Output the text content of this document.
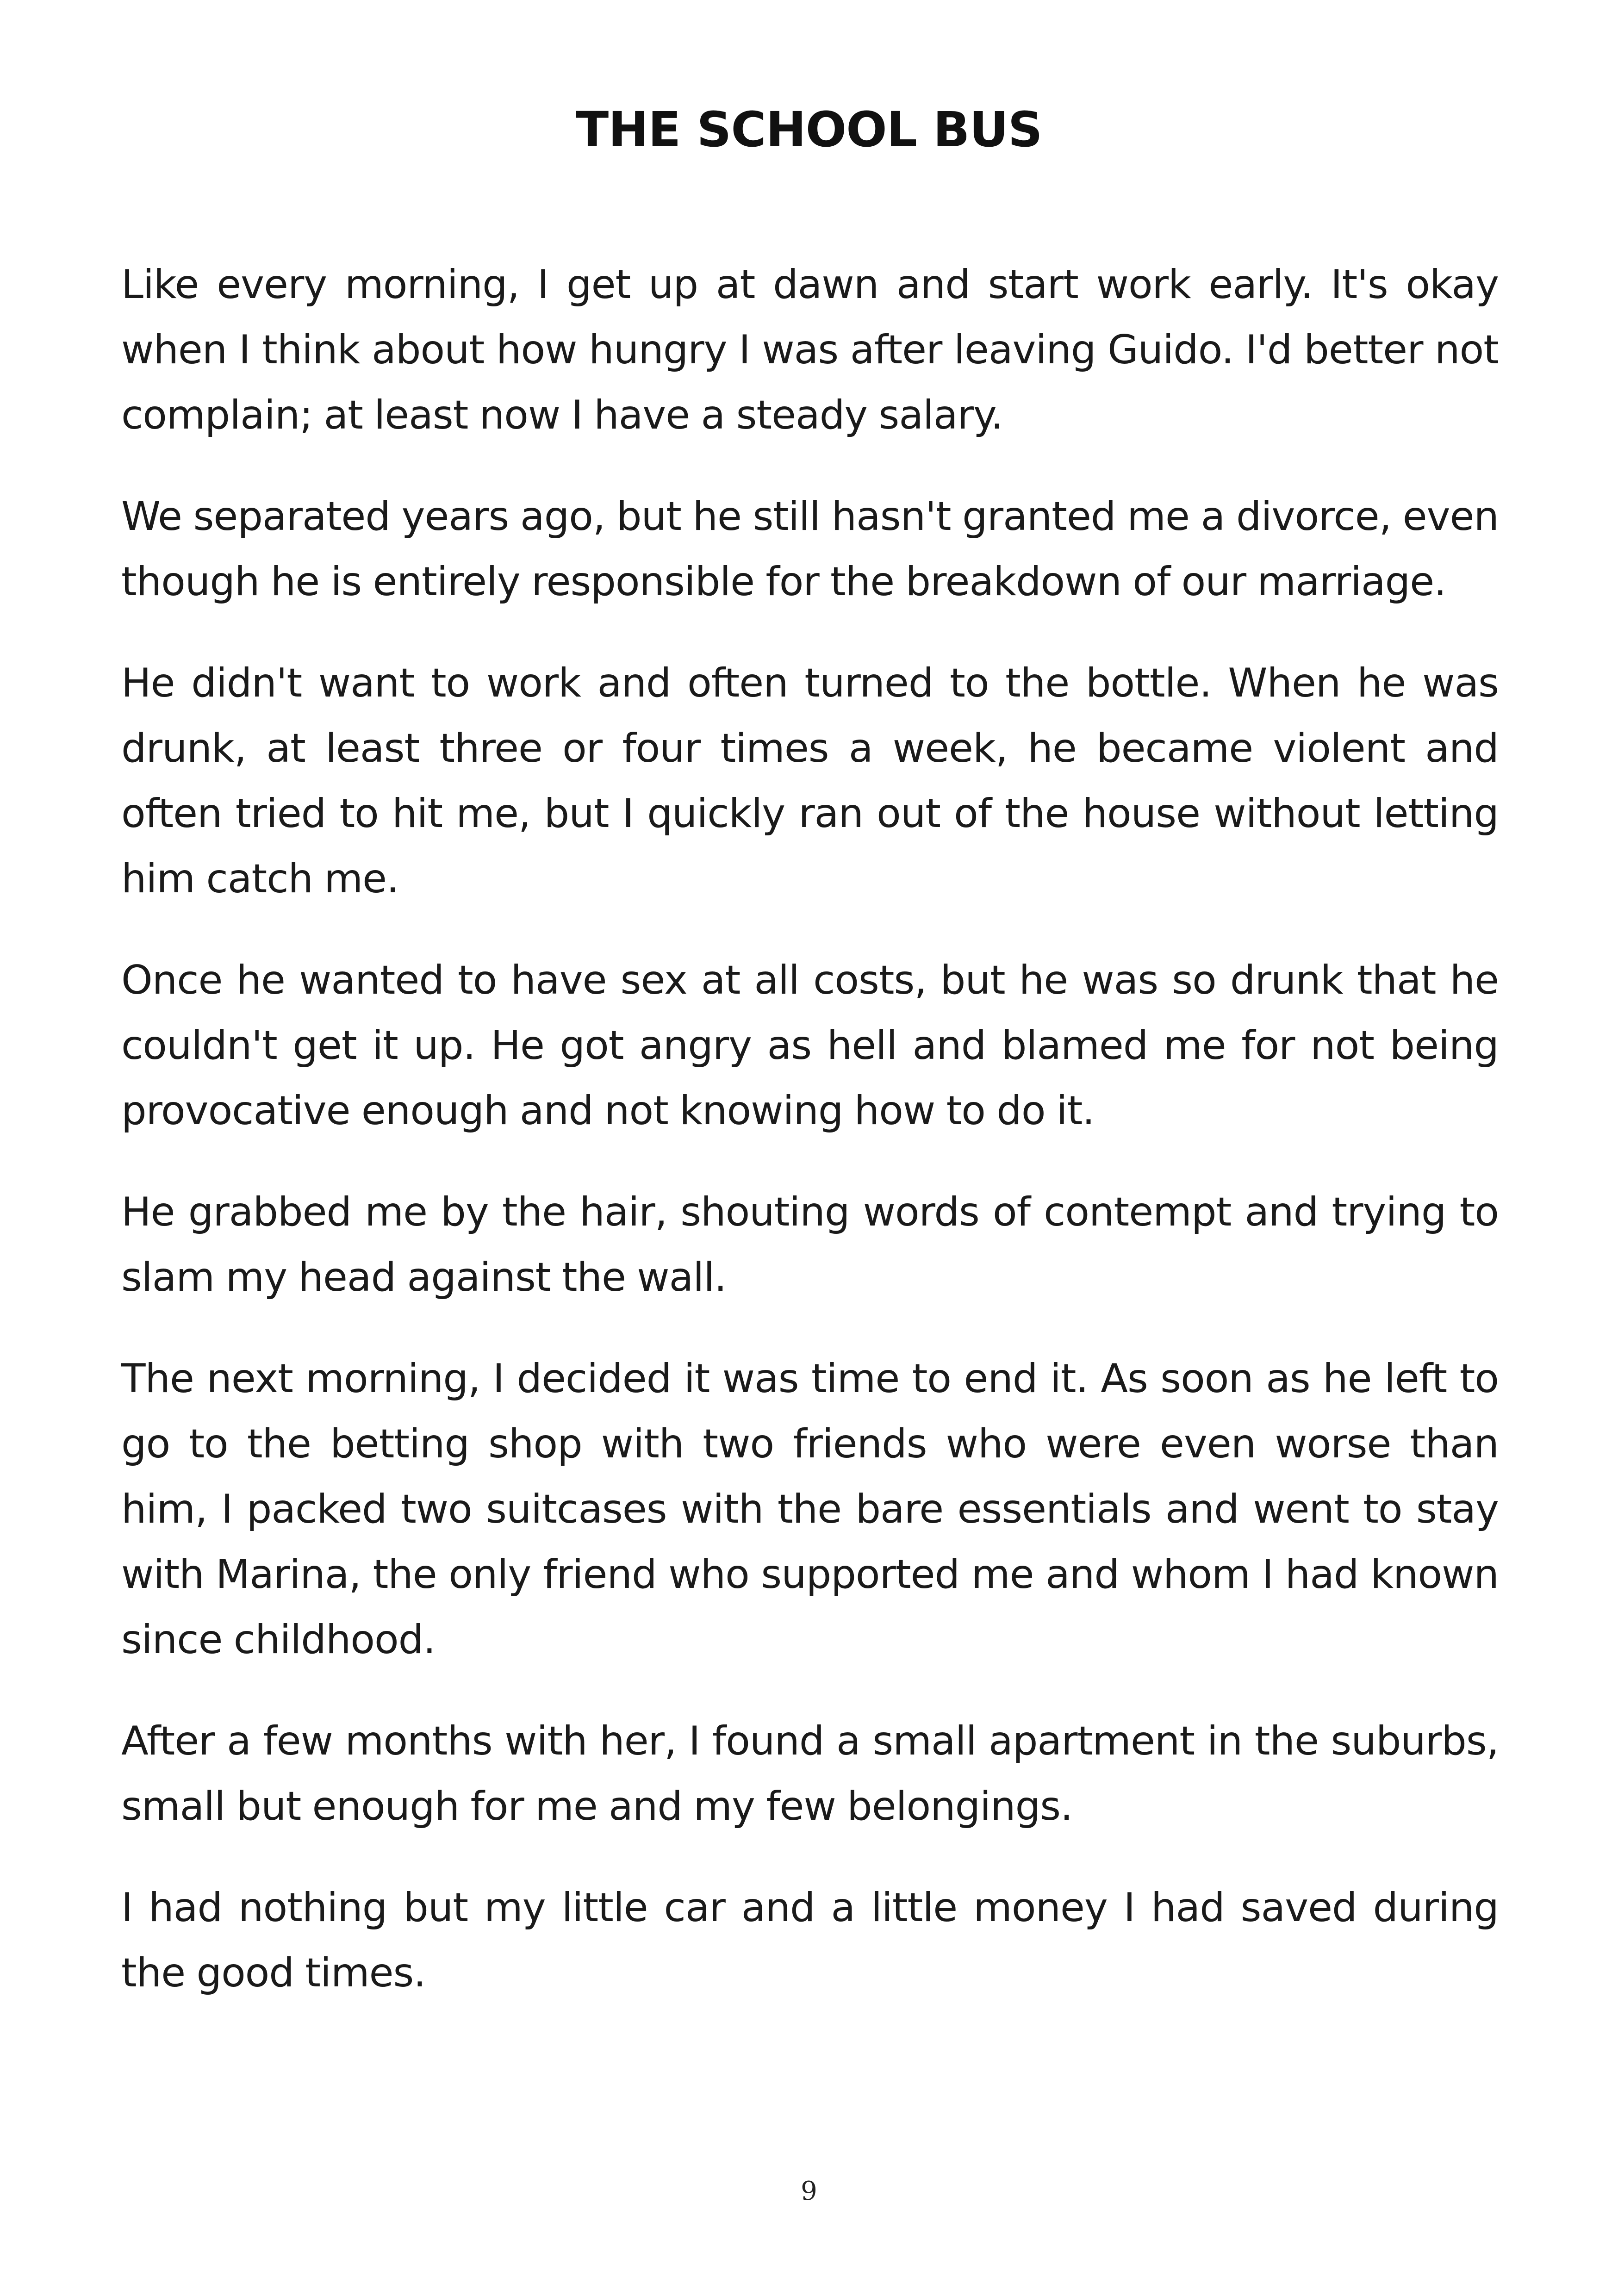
THE SCHOOL BUS

Like every morning, I get up at dawn and start work early. It's okay when I think about how hungry I was after leaving Guido. I'd better not complain; at least now I have a steady salary.

We separated years ago, but he still hasn't granted me a divorce, even though he is entirely responsible for the breakdown of our marriage.

He didn't want to work and often turned to the bottle. When he was drunk, at least three or four times a week, he became violent and often tried to hit me, but I quickly ran out of the house without letting him catch me.

Once he wanted to have sex at all costs, but he was so drunk that he couldn't get it up. He got angry as hell and blamed me for not being provocative enough and not knowing how to do it.

He grabbed me by the hair, shouting words of contempt and trying to slam my head against the wall.

The next morning, I decided it was time to end it. As soon as he left to go to the betting shop with two friends who were even worse than him, I packed two suitcases with the bare essentials and went to stay with Marina, the only friend who supported me and whom I had known since childhood.

After a few months with her, I found a small apartment in the suburbs, small but enough for me and my few belongings.

I had nothing but my little car and a little money I had saved during the good times.

9
